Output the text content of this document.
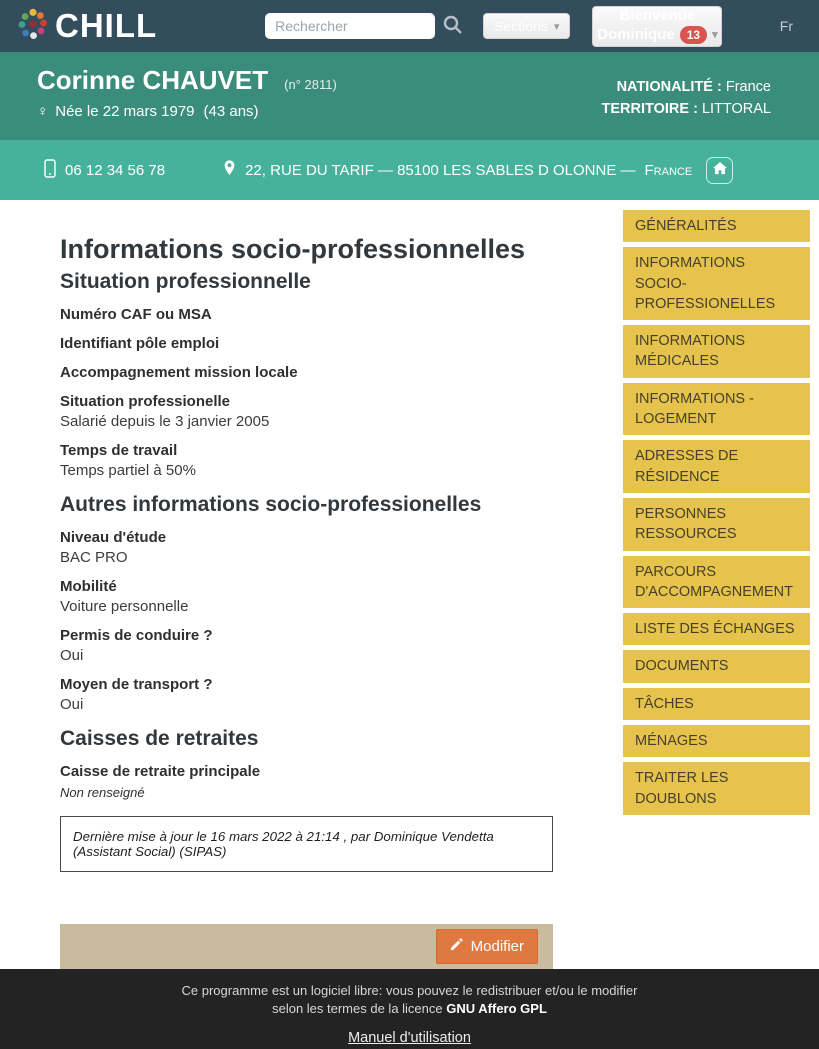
CHILL
Rechercher	Sections ▾
Bienvenue
Dominique	13	▾
Fr
Corinne CHAUVET (n° 2811)
♀ Née le 22 mars 1979 (43 ans)
NATIONALITÉ : France
TERRITOIRE : LITTORAL
06 12 34 56 78	22, RUE DU TARIF — 85100 LES SABLES D OLONNE — France
Informations socio-professionnelles
Situation professionnelle
Numéro CAF ou MSA
Identifiant pôle emploi
Accompagnement mission locale
Situation professionelle
Salarié depuis le 3 janvier 2005
Temps de travail
Temps partiel à 50%
Autres informations socio-professionelles
Niveau d'étude
BAC PRO
Mobilité
Voiture personnelle
Permis de conduire ?
Oui
Moyen de transport ?
Oui
Caisses de retraites
Caisse de retraite principale
Non renseigné
Dernière mise à jour le 16 mars 2022 à 21:14 , par Dominique Vendetta (Assistant Social) (SIPAS)
Modifier
GÉNÉRALITÉS
INFORMATIONS SOCIO-PROFESSIONELLES
INFORMATIONS MÉDICALES
INFORMATIONS - LOGEMENT
ADRESSES DE RÉSIDENCE
PERSONNES RESSOURCES
PARCOURS D'ACCOMPAGNEMENT
LISTE DES ÉCHANGES
DOCUMENTS
TÂCHES
MÉNAGES
TRAITER LES DOUBLONS
Ce programme est un logiciel libre: vous pouvez le redistribuer et/ou le modifier
selon les termes de la licence GNU Affero GPL
Manuel d'utilisation
